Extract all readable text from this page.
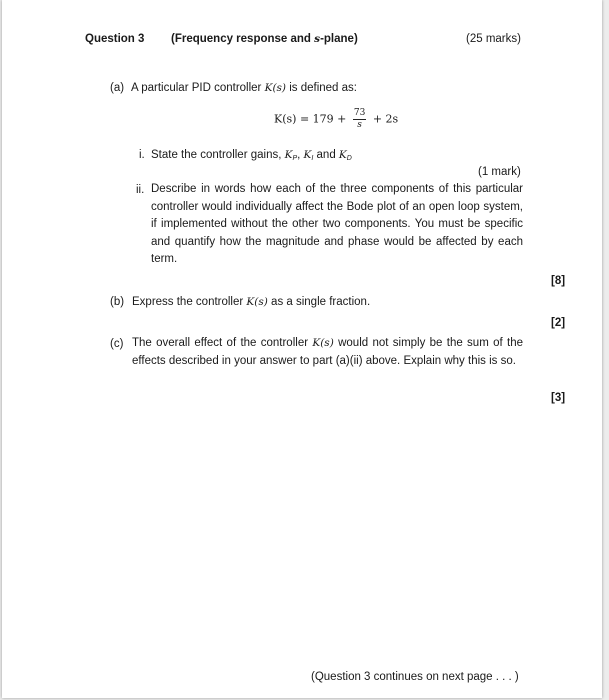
Question 3 (Frequency response and s-plane)	(25 marks)
(a) A particular PID controller K(s) is defined as:
$K(s) = 179 + \frac{73}{s} + 2s$
i. State the controller gains, $K_P$, $K_I$ and $K_D$
(1 mark)
ii. Describe in words how each of the three components of this particular controller would individually affect the Bode plot of an open loop system, if implemented without the other two components. You must be specific and quantify how the magnitude and phase would be affected by each term.
[8]
(b) Express the controller K(s) as a single fraction.
[2]
(c) The overall effect of the controller K(s) would not simply be the sum of the effects described in your answer to part (a)(ii) above. Explain why this is so.
[3]
(Question 3 continues on next page . . . )
